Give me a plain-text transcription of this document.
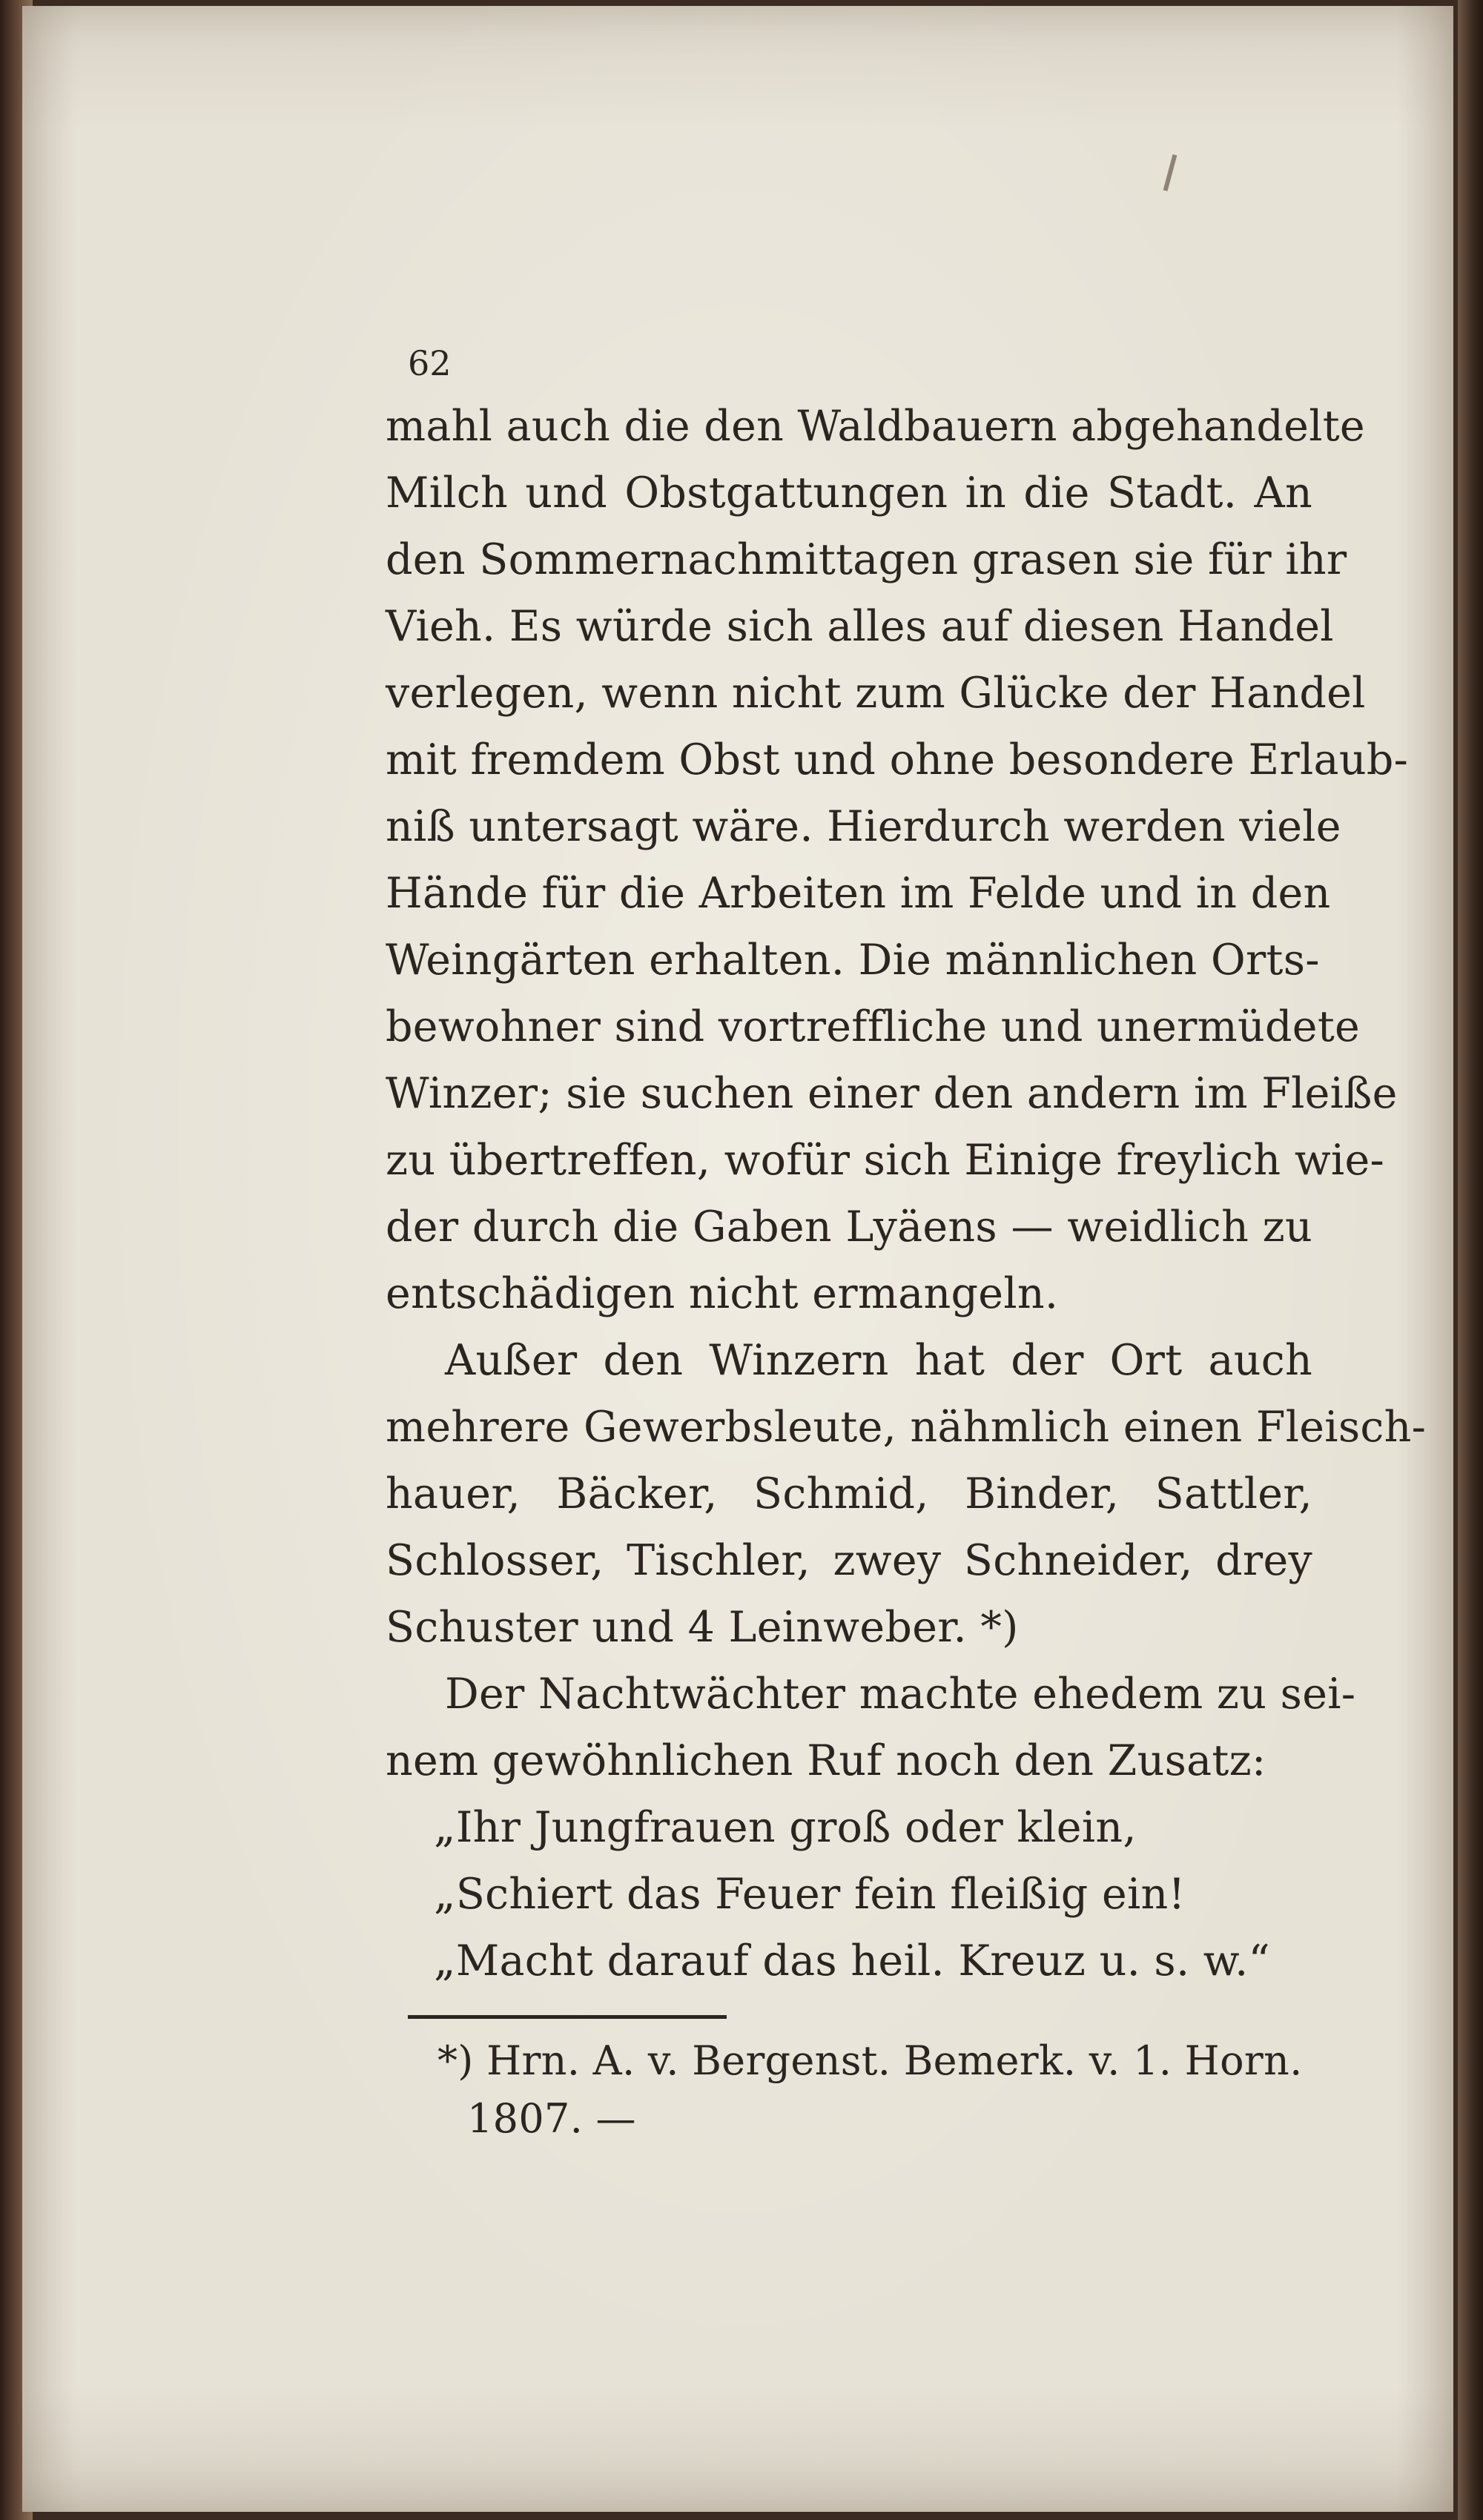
62
mahl auch die den Waldbauern abgehandelte
Milch und Obstgattungen in die Stadt. An
den Sommernachmittagen grasen sie für ihr
Vieh. Es würde sich alles auf diesen Handel
verlegen, wenn nicht zum Glücke der Handel
mit fremdem Obst und ohne besondere Erlaub-
niß untersagt wäre. Hierdurch werden viele
Hände für die Arbeiten im Felde und in den
Weingärten erhalten. Die männlichen Orts-
bewohner sind vortreffliche und unermüdete
Winzer; sie suchen einer den andern im Fleiße
zu übertreffen, wofür sich Einige freylich wie-
der durch die Gaben Lyäens — weidlich zu
entschädigen nicht ermangeln.
Außer den Winzern hat der Ort auch
mehrere Gewerbsleute, nähmlich einen Fleisch-
hauer, Bäcker, Schmid, Binder, Sattler,
Schlosser, Tischler, zwey Schneider, drey
Schuster und 4 Leinweber. *)
Der Nachtwächter machte ehedem zu sei-
nem gewöhnlichen Ruf noch den Zusatz:
„Ihr Jungfrauen groß oder klein,
„Schiert das Feuer fein fleißig ein!
„Macht darauf das heil. Kreuz u. s. w.“
*) Hrn. A. v. Bergenst. Bemerk. v. 1. Horn.
1807. —
